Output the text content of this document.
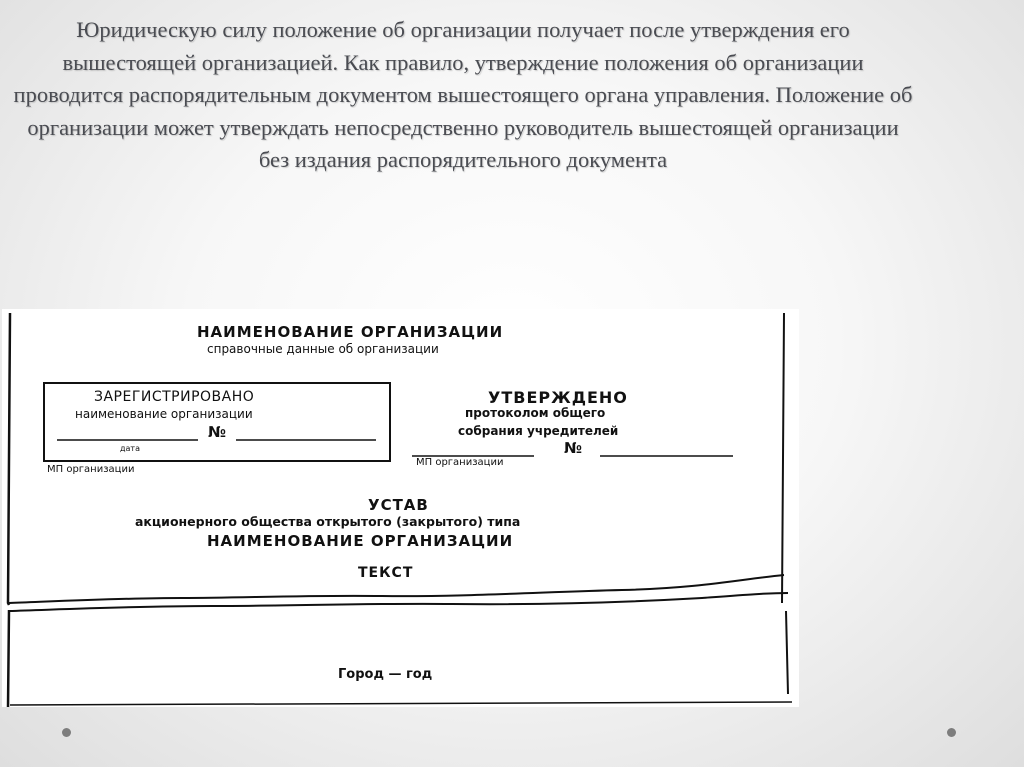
Юридическую силу положение об организации получает после утверждения его вышестоящей организацией. Как правило, утверждение положения об организации проводится распорядительным документом вышестоящего органа управления. Положение об организации может утверждать непосредственно руководитель вышестоящей организации без издания распорядительного документа
НАИМЕНОВАНИЕ ОРГАНИЗАЦИИ
справочные данные об организации
ЗАРЕГИСТРИРОВАНО
наименование организации
№
дата
МП организации
УТВЕРЖДЕНО
протоколом общего
собрания учредителей
№
МП организации
УСТАВ
акционерного общества открытого (закрытого) типа
НАИМЕНОВАНИЕ ОРГАНИЗАЦИИ
ТЕКСТ
Город — год
